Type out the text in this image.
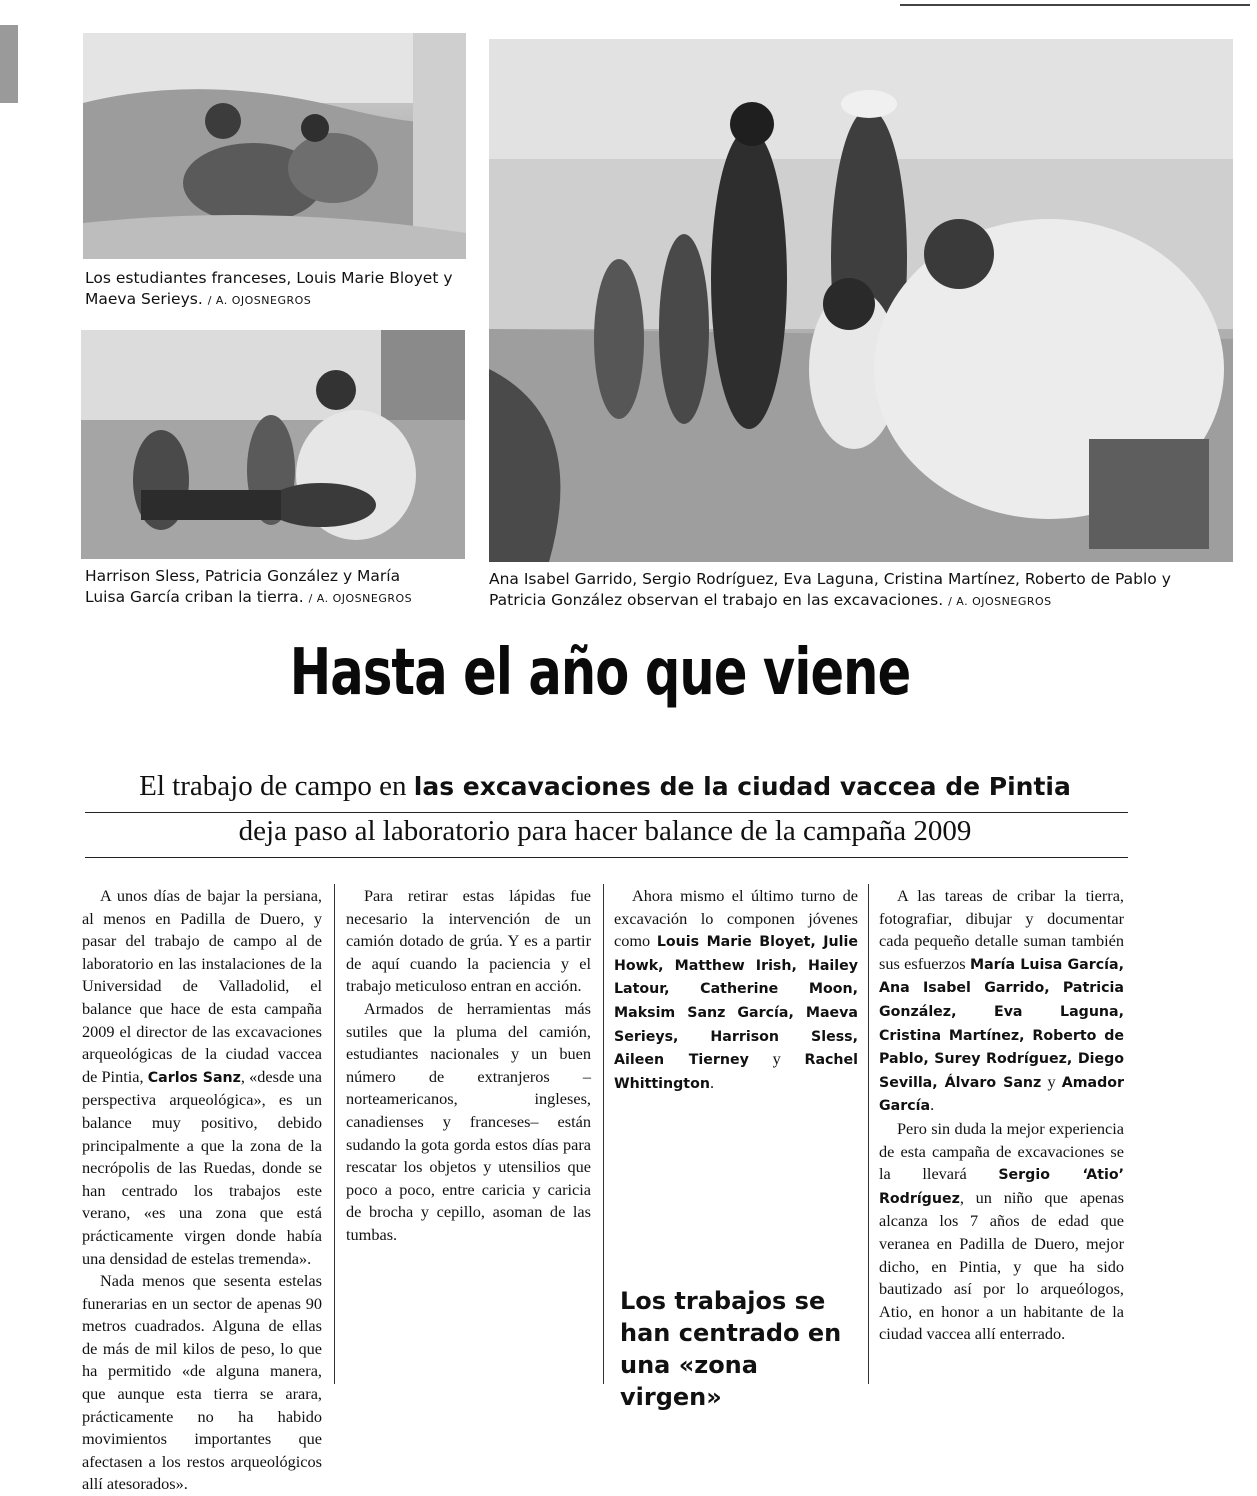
Los estudiantes franceses, Louis Marie Bloyet y Maeva Serieys. / A. OJOSNEGROS
Harrison Sless, Patricia González y María Luisa García criban la tierra. / A. OJOSNEGROS
Ana Isabel Garrido, Sergio Rodríguez, Eva Laguna, Cristina Martínez, Roberto de Pablo y Patricia González observan el trabajo en las excavaciones. / A. OJOSNEGROS
Hasta el año que viene
El trabajo de campo en las excavaciones de la ciudad vaccea de Pintia
deja paso al laboratorio para hacer balance de la campaña 2009

A unos días de bajar la persiana, al menos en Padilla de Duero, y pasar del trabajo de campo al de laboratorio en las instalaciones de la Universidad de Valladolid, el balance que hace de esta campaña 2009 el director de las excavaciones arqueológicas de la ciudad vaccea de Pintia, Carlos Sanz, «desde una perspectiva arqueológica», es un balance muy positivo, debido principalmente a que la zona de la necrópolis de las Ruedas, donde se han centrado los trabajos este verano, «es una zona que está prácticamente virgen donde había una densidad de estelas tremenda».

Nada menos que sesenta estelas funerarias en un sector de apenas 90 metros cuadrados. Alguna de ellas de más de mil kilos de peso, lo que ha permitido «de alguna manera, que aunque esta tierra se arara, prácticamente no ha habido movimientos importantes que afectasen a los restos arqueológicos allí atesorados».

Para retirar estas lápidas fue necesario la intervención de un camión dotado de grúa. Y es a partir de aquí cuando la paciencia y el trabajo meticuloso entran en acción.

Armados de herramientas más sutiles que la pluma del camión, estudiantes nacionales y un buen número de extranjeros –norteamericanos, ingleses, canadienses y franceses– están sudando la gota gorda estos días para rescatar los objetos y utensilios que poco a poco, entre caricia y caricia de brocha y cepillo, asoman de las tumbas.

Ahora mismo el último turno de excavación lo componen jóvenes como Louis Marie Bloyet, Julie Howk, Matthew Irish, Hailey Latour, Catherine Moon, Maksim Sanz García, Maeva Serieys, Harrison Sless, Aileen Tierney y Rachel Whittington.

Los trabajos se han centrado en una «zona virgen»

A las tareas de cribar la tierra, fotografiar, dibujar y documentar cada pequeño detalle suman también sus esfuerzos María Luisa García, Ana Isabel Garrido, Patricia González, Eva Laguna, Cristina Martínez, Roberto de Pablo, Surey Rodríguez, Diego Sevilla, Álvaro Sanz y Amador García.

Pero sin duda la mejor experiencia de esta campaña de excavaciones se la llevará Sergio ‘Atio’ Rodríguez, un niño que apenas alcanza los 7 años de edad que veranea en Padilla de Duero, mejor dicho, en Pintia, y que ha sido bautizado así por lo arqueólogos, Atio, en honor a un habitante de la ciudad vaccea allí enterrado.
